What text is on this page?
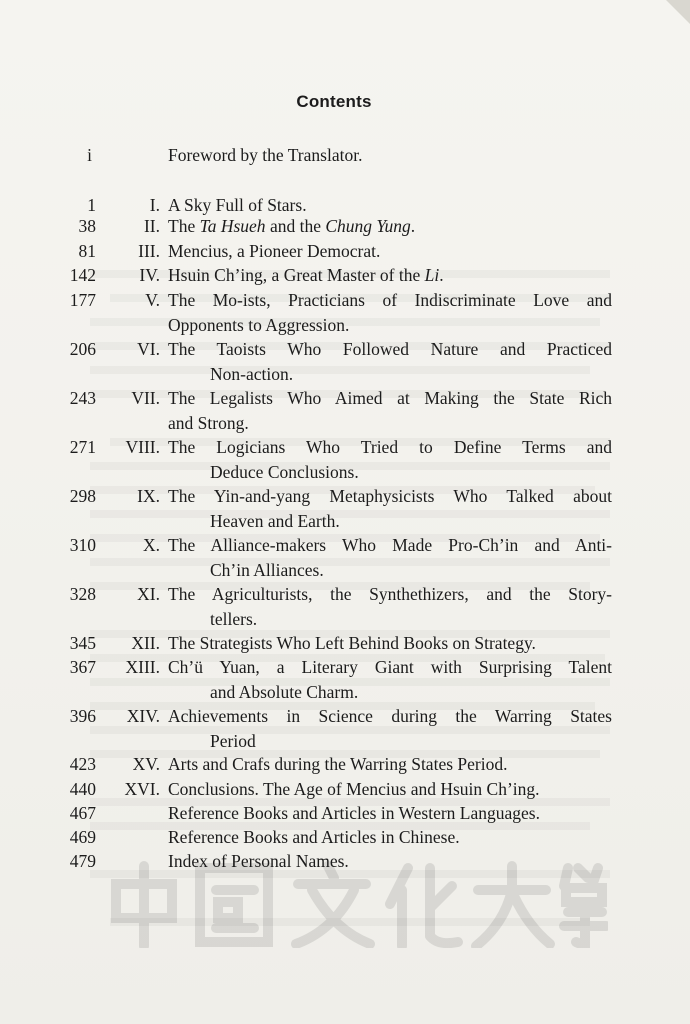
Contents
i	Foreword by the Translator.
1	I. A Sky Full of Stars.
38	II. The Ta Hsueh and the Chung Yung.
81	III. Mencius, a Pioneer Democrat.
142	IV. Hsuin Ch’ing, a Great Master of the Li.
177	V. The Mo-ists, Practicians of Indiscriminate Love and
Opponents to Aggression.
206	VI. The Taoists Who Followed Nature and Practiced
Non-action.
243	VII. The Legalists Who Aimed at Making the State Rich
and Strong.
271	VIII. The Logicians Who Tried to Define Terms and
Deduce Conclusions.
298	IX. The Yin-and-yang Metaphysicists Who Talked about
Heaven and Earth.
310	X. The Alliance-makers Who Made Pro-Ch’in and Anti-
Ch’in Alliances.
328	XI. The Agriculturists, the Synthethizers, and the Story-
tellers.
345	XII. The Strategists Who Left Behind Books on Strategy.
367	XIII. Ch’ü Yuan, a Literary Giant with Surprising Talent
and Absolute Charm.
396	XIV. Achievements in Science during the Warring States
Period
423	XV. Arts and Crafs during the Warring States Period.
440	XVI. Conclusions. The Age of Mencius and Hsuin Ch’ing.
467	Reference Books and Articles in Western Languages.
469	Reference Books and Articles in Chinese.
479	Index of Personal Names.
